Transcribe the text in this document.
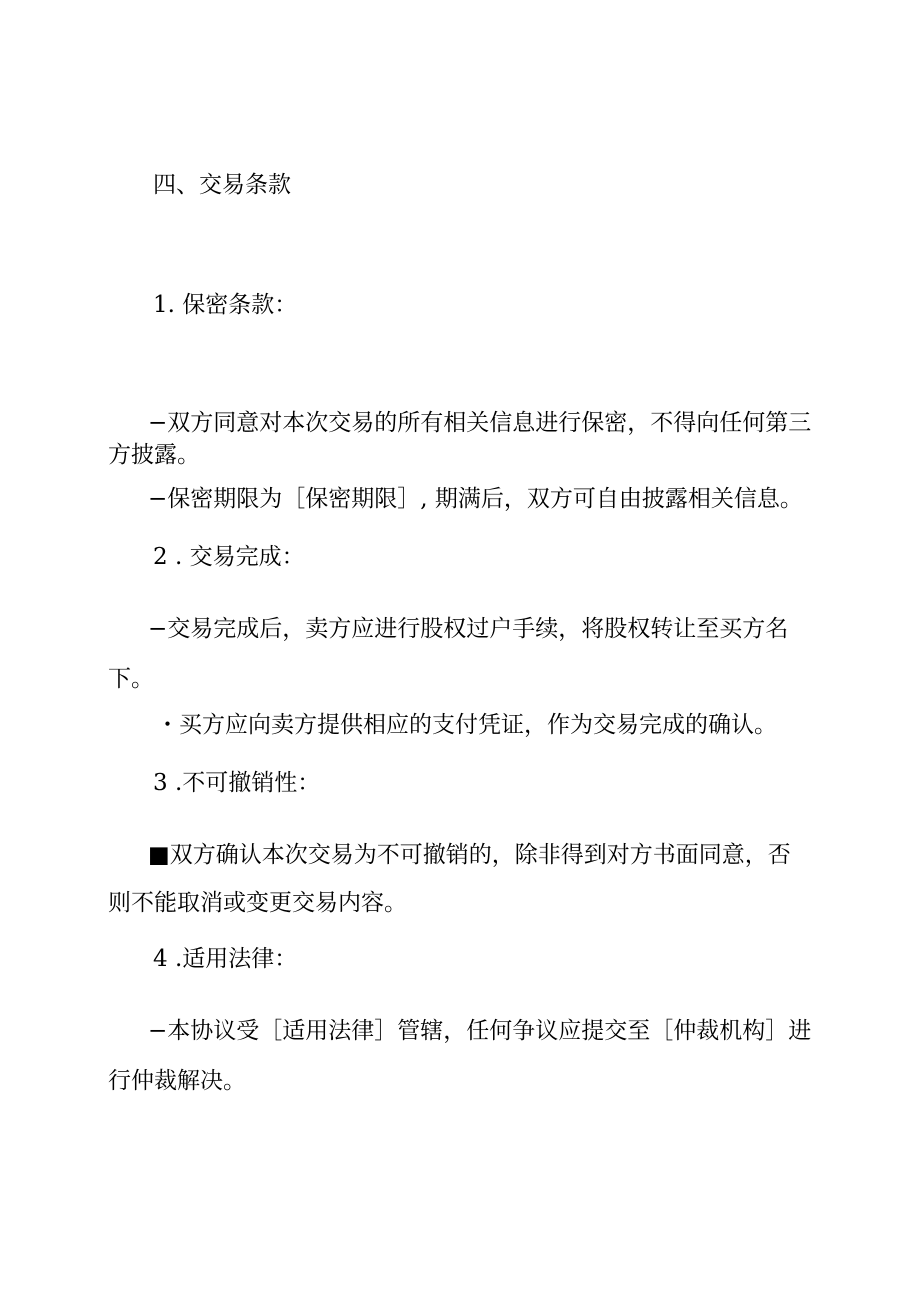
四、交易条款

1. 保密条款：

−双方同意对本次交易的所有相关信息进行保密，不得向任何第三

方披露。

−保密期限为［保密期限］, 期满后，双方可自由披露相关信息。

2 . 交易完成：

−交易完成后，卖方应进行股权过户手续，将股权转让至买方名

下。

・买方应向卖方提供相应的支付凭证，作为交易完成的确认。

3 .不可撤销性：

■双方确认本次交易为不可撤销的，除非得到对方书面同意，否

则不能取消或变更交易内容。

4 .适用法律：

−本协议受［适用法律］管辖，任何争议应提交至［仲裁机构］进

行仲裁解决。
